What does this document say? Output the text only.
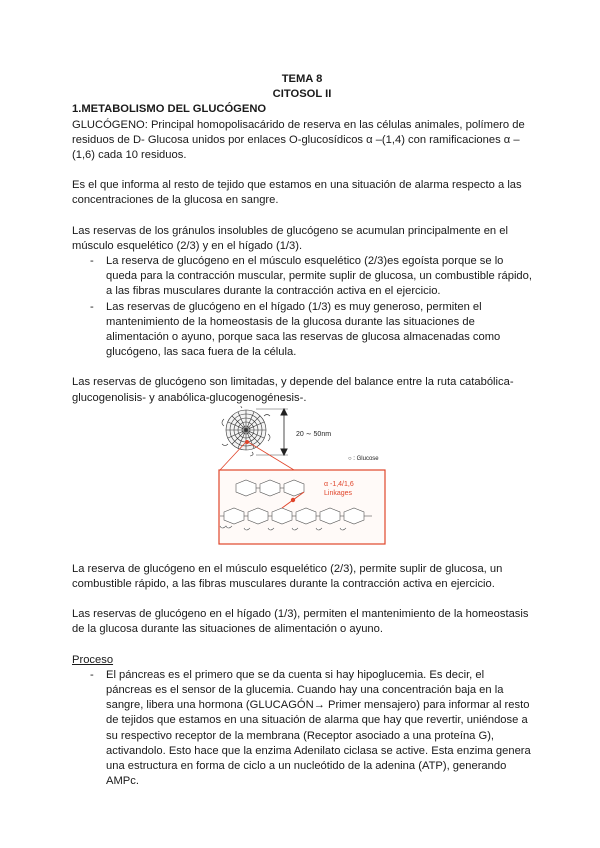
TEMA 8

CITOSOL II

1.METABOLISMO DEL GLUCÓGENO

GLUCÓGENO: Principal homopolisacárido de reserva en las células animales, polímero de residuos de D- Glucosa unidos por enlaces O-glucosídicos α –(1,4) con ramificaciones α –(1,6) cada 10 residuos.

Es el que informa al resto de tejido que estamos en una situación de alarma respecto a las concentraciones de la glucosa en sangre.

Las reservas de los gránulos insolubles de glucógeno se acumulan principalmente en el músculo esquelético (2/3) y en el hígado (1/3).

- La reserva de glucógeno en el músculo esquelético (2/3)es egoísta porque se lo queda para la contracción muscular, permite suplir de glucosa, un combustible rápido, a las fibras musculares durante la contracción activa en el ejercicio.
- Las reservas de glucógeno en el hígado (1/3) es muy generoso, permiten el mantenimiento de la homeostasis de la glucosa durante las situaciones de alimentación o ayuno, porque saca las reservas de glucosa almacenadas como glucógeno, las saca fuera de la célula.

Las reservas de glucógeno son limitadas, y depende del balance entre la ruta catabólica-glucogenolisis- y anabólica-glucogenogénesis-.

20 ∼ 50nm
○ : Glucose
α -1,4/1,6
Linkages

La reserva de glucógeno en el músculo esquelético (2/3), permite suplir de glucosa, un combustible rápido, a las fibras musculares durante la contracción activa en ejercicio.

Las reservas de glucógeno en el hígado (1/3), permiten el mantenimiento de la homeostasis de la glucosa durante las situaciones de alimentación o ayuno.

Proceso

- El páncreas es el primero que se da cuenta si hay hipoglucemia. Es decir, el páncreas es el sensor de la glucemia. Cuando hay una concentración baja en la sangre, libera una hormona (GLUCAGÓN→ Primer mensajero) para informar al resto de tejidos que estamos en una situación de alarma que hay que revertir, uniéndose a su respectivo receptor de la membrana (Receptor asociado a una proteína G), activandolo. Esto hace que la enzima Adenilato ciclasa se active. Esta enzima genera una estructura en forma de ciclo a un nucleótido de la adenina (ATP), generando AMPc.
